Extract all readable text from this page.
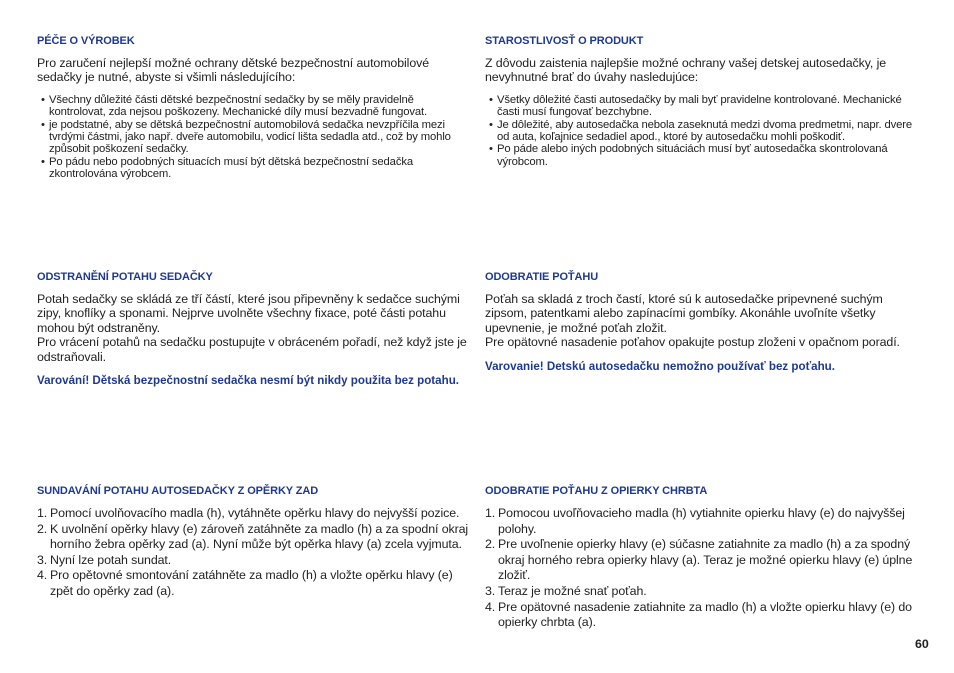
PÉČE O VÝROBEK

Pro zaručení nejlepší možné ochrany dětské bezpečnostní automobilové sedačky je nutné, abyste si všimli následujícího:

• Všechny důležité části dětské bezpečnostní sedačky by se měly pravidelně kontrolovat, zda nejsou poškozeny. Mechanické díly musí bezvadně fungovat.
• je podstatné, aby se dětská bezpečnostní automobilová sedačka nevzpříčila mezi tvrdými částmi, jako např. dveře automobilu, vodicí lišta sedadla atd., což by mohlo způsobit poškození sedačky.
• Po pádu nebo podobných situacích musí být dětská bezpečnostní sedačka zkontrolována výrobcem.
ODSTRANĚNÍ POTAHU SEDAČKY

Potah sedačky se skládá ze tří částí, které jsou připevněny k sedačce suchými zipy, knoflíky a sponami. Nejprve uvolněte všechny fixace, poté části potahu mohou být odstraněny.

Pro vrácení potahů na sedačku postupujte v obráceném pořadí, než když jste je odstraňovali.

Varování! Dětská bezpečnostní sedačka nesmí být nikdy použita bez potahu.
SUNDAVÁNÍ POTAHU AUTOSEDAČKY Z OPĚRKY ZAD
1. Pomocí uvolňovacího madla (h), vytáhněte opěrku hlavy do nejvyšší pozice.
2. K uvolnění opěrky hlavy (e) zároveň zatáhněte za madlo (h) a za spodní okraj horního žebra opěrky zad (a). Nyní může být opěrka hlavy (a) zcela vyjmuta.
3. Nyní lze potah sundat.
4. Pro opětovné smontování zatáhněte za madlo (h) a vložte opěrku hlavy (e) zpět do opěrky zad (a).
STAROSTLIVOSŤ O PRODUKT

Z dôvodu zaistenia najlepšie možné ochrany vašej detskej autosedačky, je nevyhnutné brať do úvahy nasledujúce:

• Všetky dôležité časti autosedačky by mali byť pravidelne kontrolované. Mechanické časti musí fungovať bezchybne.
• Je dôležité, aby autosedačka nebola zaseknutá medzi dvoma predmetmi, napr. dvere od auta, koľajnice sedadiel apod., ktoré by autosedačku mohli poškodiť.
• Po páde alebo iných podobných situáciách musí byť autosedačka skontrolovaná výrobcom.
ODOBRATIE POŤAHU

Poťah sa skladá z troch častí, ktoré sú k autosedačke pripevnené suchým zipsom, patentkami alebo zapínacími gombíky. Akonáhle uvoľníte všetky upevnenie, je možné poťah zložit.

Pre opätovné nasadenie poťahov opakujte postup zloženi v opačnom poradí.

Varovanie! Detskú autosedačku nemožno používať bez poťahu.
ODOBRATIE POŤAHU Z OPIERKY CHRBTA
1. Pomocou uvoľňovacieho madla (h) vytiahnite opierku hlavy (e) do najvyššej polohy.
2. Pre uvoľnenie opierky hlavy (e) súčasne zatiahnite za madlo (h) a za spodný okraj horného rebra opierky hlavy (a). Teraz je možné opierku hlavy (e) úplne zložiť.
3. Teraz je možné snať poťah.
4. Pre opätovné nasadenie zatiahnite za madlo (h) a vložte opierku hlavy (e) do opierky chrbta (a).
60
